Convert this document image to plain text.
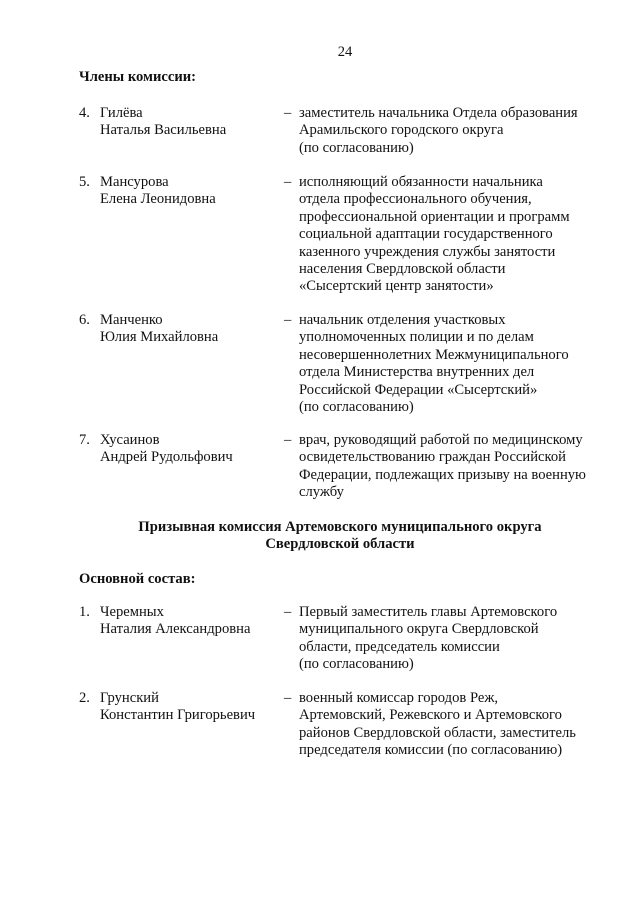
24
Члены комиссии:
4. Гилёва
Наталья Васильевна
– заместитель начальника Отдела образования
Арамильского городского округа
(по согласованию)
5. Мансурова
Елена Леонидовна
– исполняющий обязанности начальника
отдела профессионального обучения,
профессиональной ориентации и программ
социальной адаптации государственного
казенного учреждения службы занятости
населения Свердловской области
«Сысертский центр занятости»
6. Манченко
Юлия Михайловна
– начальник отделения участковых
уполномоченных полиции и по делам
несовершеннолетних Межмуниципального
отдела Министерства внутренних дел
Российской Федерации «Сысертский»
(по согласованию)
7. Хусаинов
Андрей Рудольфович
– врач, руководящий работой по медицинскому
освидетельствованию граждан Российской
Федерации, подлежащих призыву на военную
службу
Призывная комиссия Артемовского муниципального округа
Свердловской области
Основной состав:
1. Черемных
Наталия Александровна
– Первый заместитель главы Артемовского
муниципального округа Свердловской
области, председатель комиссии
(по согласованию)
2. Грунский
Константин Григорьевич
– военный комиссар городов Реж,
Артемовский, Режевского и Артемовского
районов Свердловской области, заместитель
председателя комиссии (по согласованию)
